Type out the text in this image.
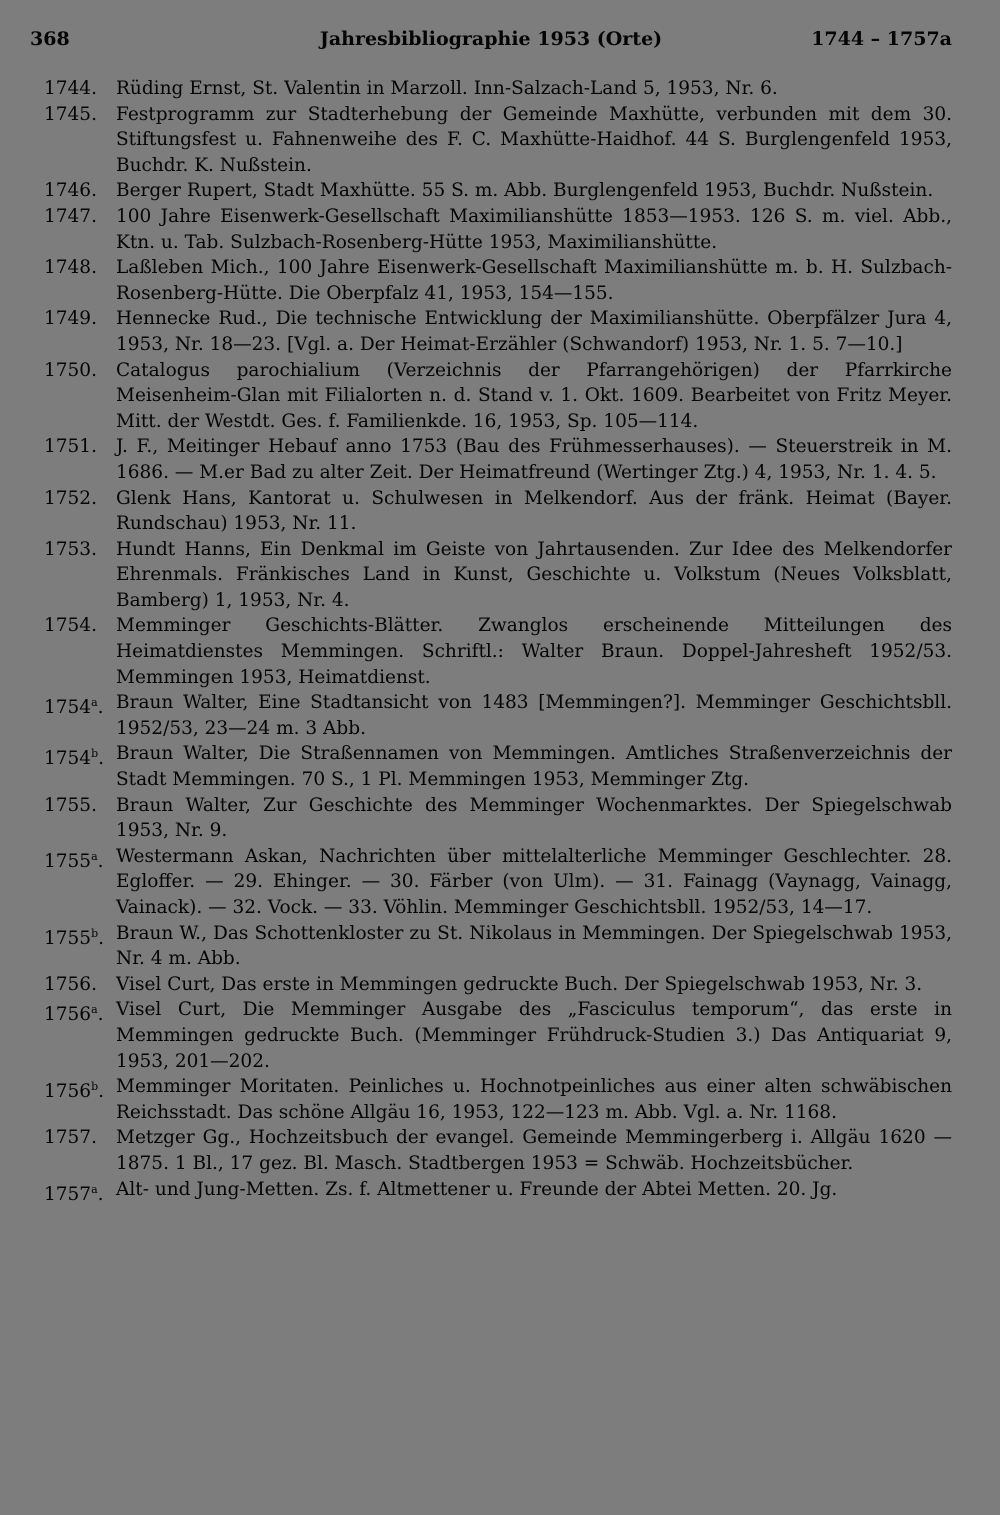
368	Jahresbibliographie 1953 (Orte)	1744 – 1757a

1744.	Rüding Ernst, St. Valentin in Marzoll. Inn-Salzach-Land 5, 1953, Nr. 6.

1745.	Festprogramm zur Stadterhebung der Gemeinde Maxhütte, verbunden mit dem 30. Stiftungsfest u. Fahnenweihe des F. C. Maxhütte-Haidhof. 44 S. Burglengenfeld 1953, Buchdr. K. Nußstein.

1746.	Berger Rupert, Stadt Maxhütte. 55 S. m. Abb. Burglengenfeld 1953, Buchdr. Nußstein.

1747.	100 Jahre Eisenwerk-Gesellschaft Maximilianshütte 1853—1953. 126 S. m. viel. Abb., Ktn. u. Tab. Sulzbach-Rosenberg-Hütte 1953, Maximilianshütte.

1748.	Laßleben Mich., 100 Jahre Eisenwerk-Gesellschaft Maximilianshütte m. b. H. Sulzbach-Rosenberg-Hütte. Die Oberpfalz 41, 1953, 154—155.

1749.	Hennecke Rud., Die technische Entwicklung der Maximilianshütte. Oberpfälzer Jura 4, 1953, Nr. 18—23. [Vgl. a. Der Heimat-Erzähler (Schwandorf) 1953, Nr. 1. 5. 7—10.]

1750.	Catalogus parochialium (Verzeichnis der Pfarrangehörigen) der Pfarrkirche Meisenheim-Glan mit Filialorten n. d. Stand v. 1. Okt. 1609. Bearbeitet von Fritz Meyer. Mitt. der Westdt. Ges. f. Familienkde. 16, 1953, Sp. 105—114.

1751.	J. F., Meitinger Hebauf anno 1753 (Bau des Frühmesserhauses). — Steuerstreik in M. 1686. — M.er Bad zu alter Zeit. Der Heimatfreund (Wertinger Ztg.) 4, 1953, Nr. 1. 4. 5.

1752.	Glenk Hans, Kantorat u. Schulwesen in Melkendorf. Aus der fränk. Heimat (Bayer. Rundschau) 1953, Nr. 11.

1753.	Hundt Hanns, Ein Denkmal im Geiste von Jahrtausenden. Zur Idee des Melkendorfer Ehrenmals. Fränkisches Land in Kunst, Geschichte u. Volkstum (Neues Volksblatt, Bamberg) 1, 1953, Nr. 4.

1754.	Memminger Geschichts-Blätter. Zwanglos erscheinende Mitteilungen des Heimatdienstes Memmingen. Schriftl.: Walter Braun. Doppel-Jahresheft 1952/53. Memmingen 1953, Heimatdienst.

1754$^a$. Braun Walter, Eine Stadtansicht von 1483 [Memmingen?]. Memminger Geschichtsbll. 1952/53, 23—24 m. 3 Abb.

1754$^b$. Braun Walter, Die Straßennamen von Memmingen. Amtliches Straßenverzeichnis der Stadt Memmingen. 70 S., 1 Pl. Memmingen 1953, Memminger Ztg.

1755.	Braun Walter, Zur Geschichte des Memminger Wochenmarktes. Der Spiegelschwab 1953, Nr. 9.

1755$^a$. Westermann Askan, Nachrichten über mittelalterliche Memminger Geschlechter. 28. Egloffer. — 29. Ehinger. — 30. Färber (von Ulm). — 31. Fainagg (Vaynagg, Vainagg, Vainack). — 32. Vock. — 33. Vöhlin. Memminger Geschichtsbll. 1952/53, 14—17.

1755$^b$. Braun W., Das Schottenkloster zu St. Nikolaus in Memmingen. Der Spiegelschwab 1953, Nr. 4 m. Abb.

1756.	Visel Curt, Das erste in Memmingen gedruckte Buch. Der Spiegelschwab 1953, Nr. 3.

1756$^a$. Visel Curt, Die Memminger Ausgabe des „Fasciculus temporum“, das erste in Memmingen gedruckte Buch. (Memminger Frühdruck-Studien 3.) Das Antiquariat 9, 1953, 201—202.

1756$^b$. Memminger Moritaten. Peinliches u. Hochnotpeinliches aus einer alten schwäbischen Reichsstadt. Das schöne Allgäu 16, 1953, 122—123 m. Abb. Vgl. a. Nr. 1168.

1757.	Metzger Gg., Hochzeitsbuch der evangel. Gemeinde Memmingerberg i. Allgäu 1620 —1875. 1 Bl., 17 gez. Bl. Masch. Stadtbergen 1953 = Schwäb. Hochzeitsbücher.

1757$^a$. Alt- und Jung-Metten. Zs. f. Altmettener u. Freunde der Abtei Metten. 20. Jg.
